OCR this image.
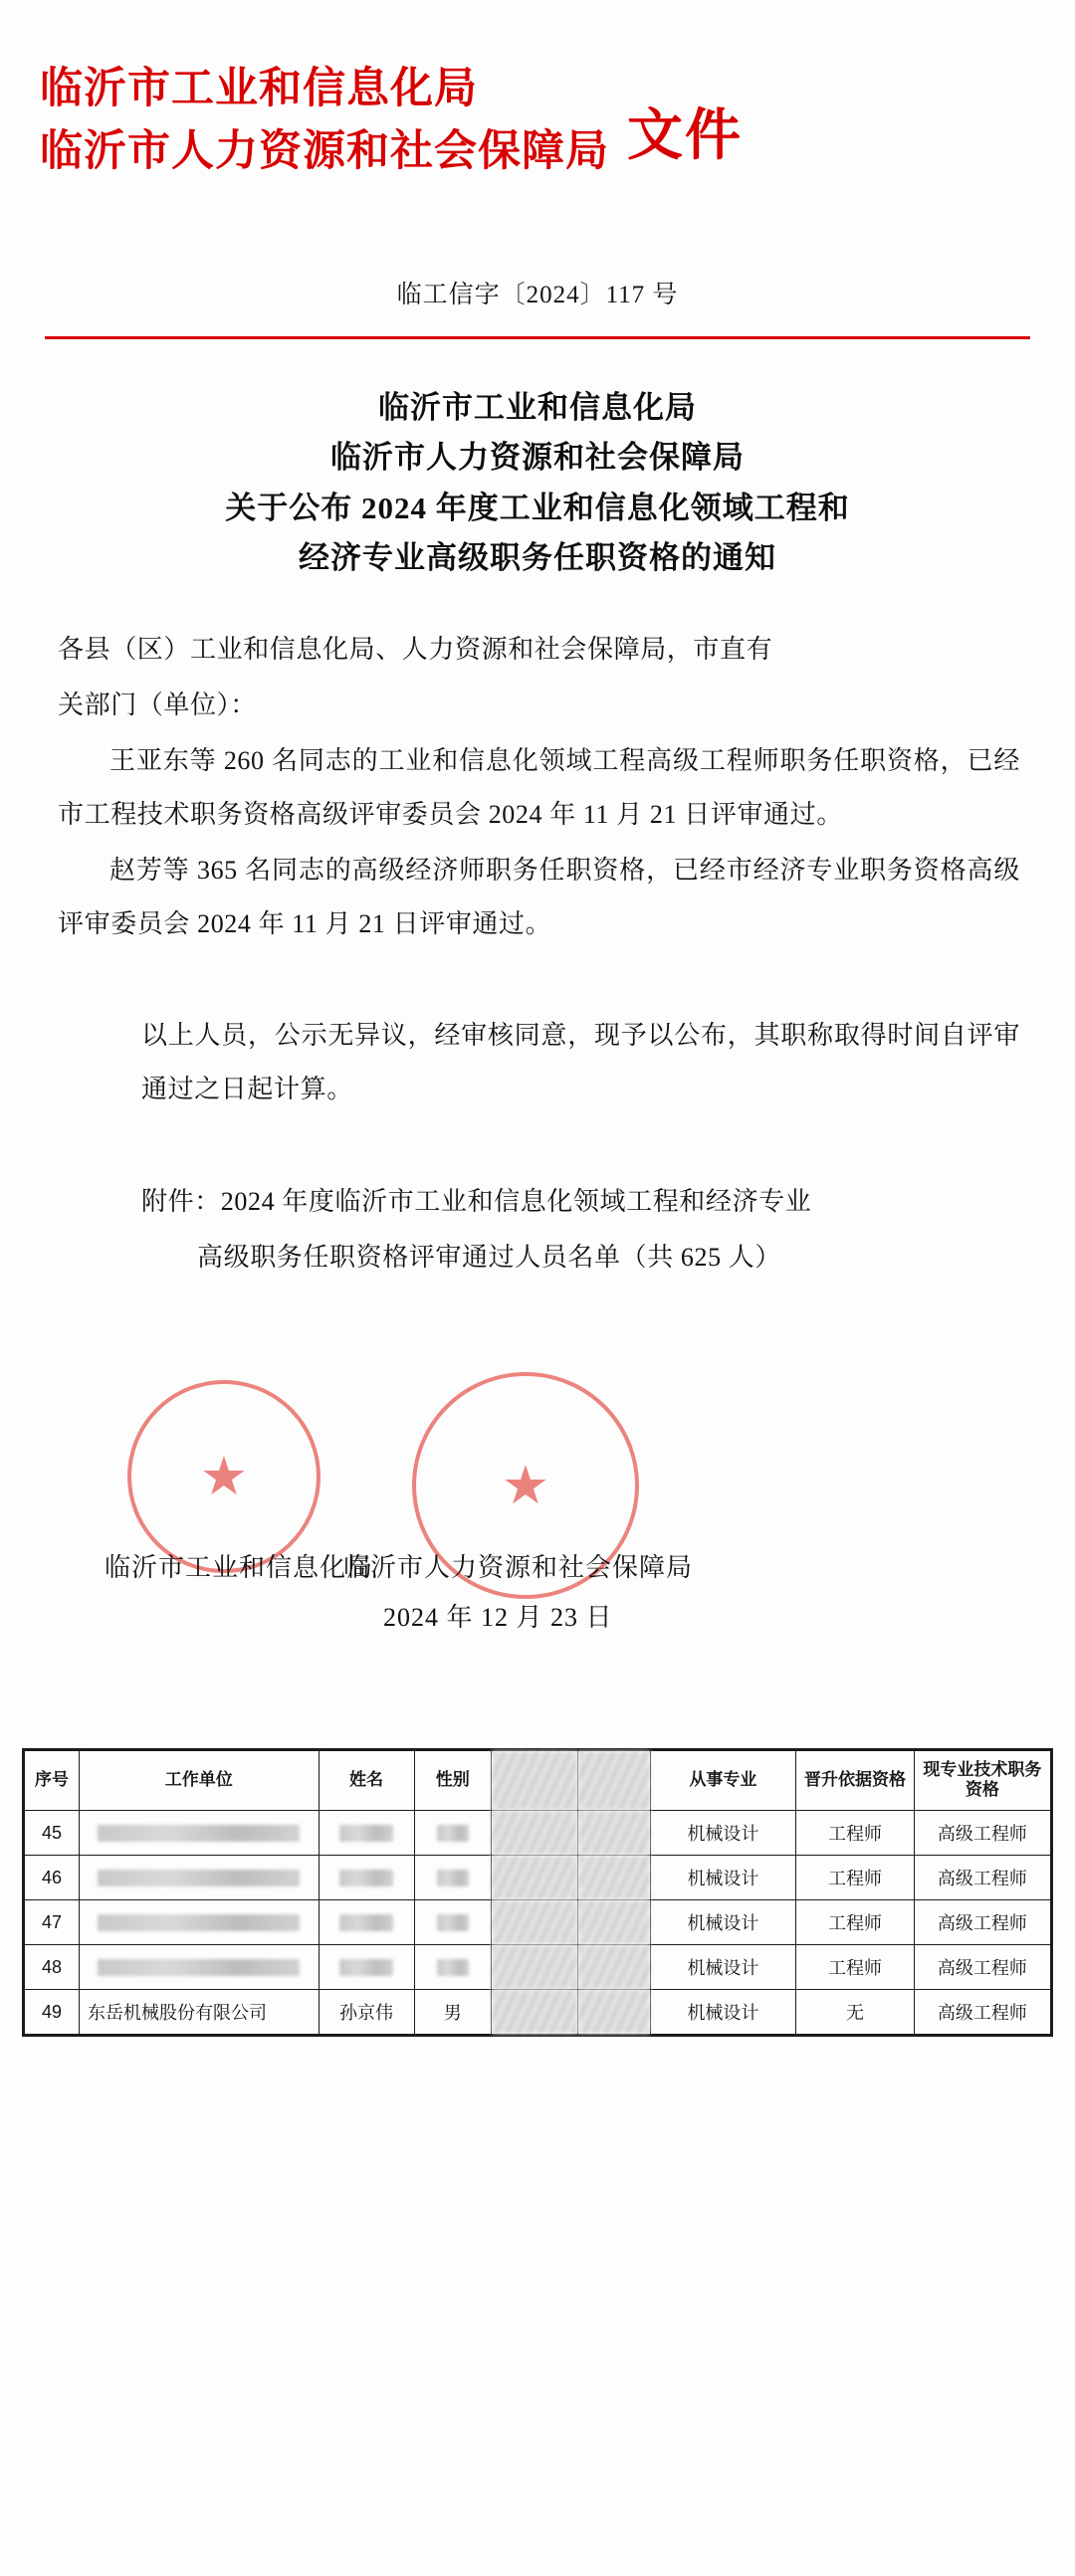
临沂市工业和信息化局
临沂市人力资源和社会保障局 文件
临工信字〔2024〕117 号
临沂市工业和信息化局
临沂市人力资源和社会保障局
关于公布 2024 年度工业和信息化领域工程和
经济专业高级职务任职资格的通知

各县（区）工业和信息化局、人力资源和社会保障局，市直有

关部门（单位）：

王亚东等 260 名同志的工业和信息化领域工程高级工程师职务任职资格，已经市工程技术职务资格高级评审委员会 2024 年 11 月 21 日评审通过。

赵芳等 365 名同志的高级经济师职务任职资格，已经市经济专业职务资格高级评审委员会 2024 年 11 月 21 日评审通过。

以上人员，公示无异议，经审核同意，现予以公布，其职称取得时间自评审通过之日起计算。

附件：2024 年度临沂市工业和信息化领域工程和经济专业

高级职务任职资格评审通过人员名单（共 625 人）

★	★
临沂市工业和信息化局
临沂市人力资源和社会保障局
2024 年 12 月 23 日
序号	工作单位	姓名	性别			从事专业	晋升依据资格	现专业技术职务资格
45						机械设计	工程师	高级工程师
46						机械设计	工程师	高级工程师
47						机械设计	工程师	高级工程师
48						机械设计	工程师	高级工程师
49	东岳机械股份有限公司	孙京伟	男			机械设计	无	高级工程师
